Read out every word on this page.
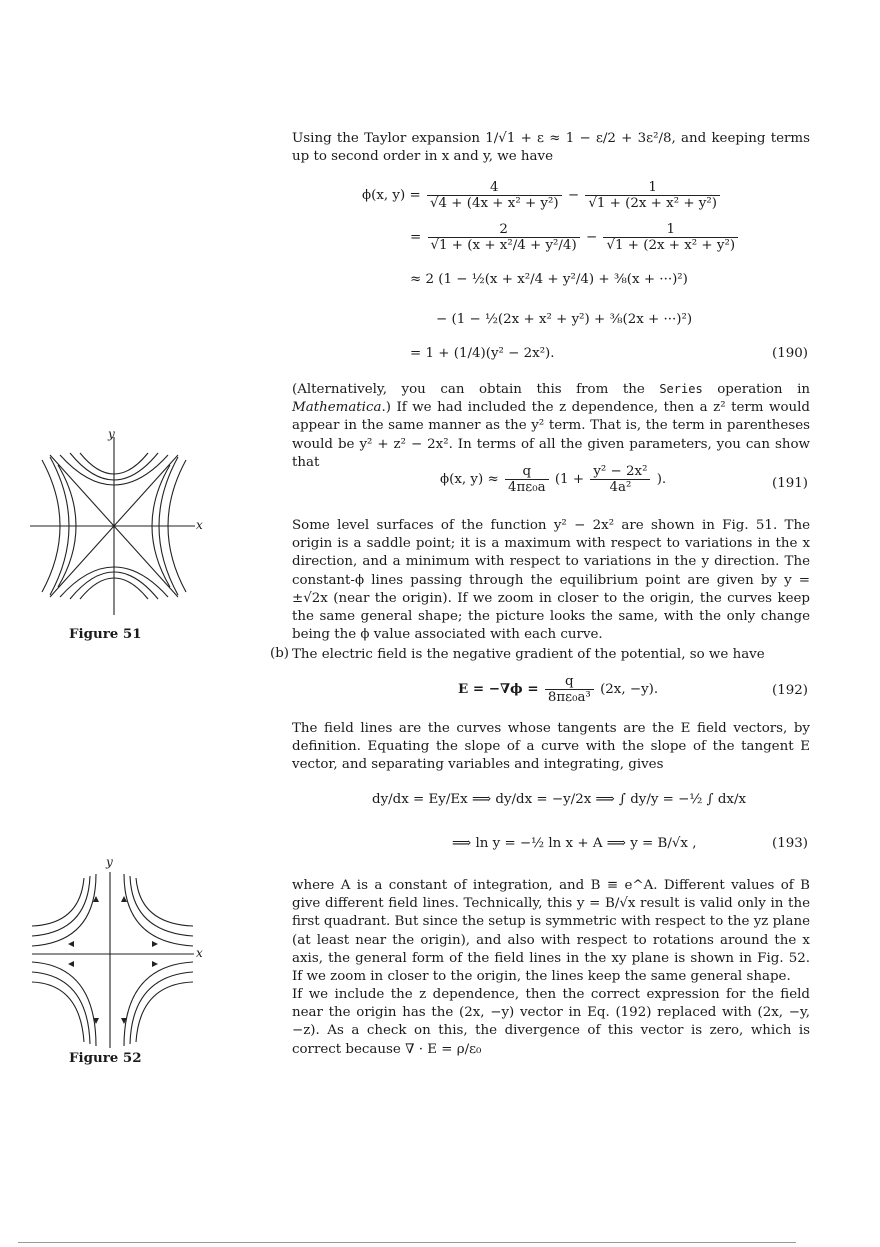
Using the Taylor expansion 1/√1 + ε ≈ 1 − ε/2 + 3ε²/8, and keeping terms up to second order in x and y, we have

ϕ(x, $y) = \frac{4}{\text{√4 + (4x + x² + y²)}} - \frac{1}{\text{√1 + (2x + x² + y²)}}$
= $\frac{2}{\text{√1 + (x + x²/4 + y²/4)}} - \frac{1}{\text{√1 + (2x + x² + y²)}}$
≈ 2 (1 − ½(x + x²/4 + y²/4) + ⅜(x + ···)²)
− (1 − ½(2x + x² + y²) + ⅜(2x + ···)²)
= 1 + (1/4)(y² − 2x²).	(190)

(Alternatively, you can obtain this from the Series operation in Mathematica.) If we had included the z dependence, then a z² term would appear in the same manner as the y² term. That is, the term in parentheses would be y² + z² − 2x². In terms of all the given parameters, you can show that

ϕ(x, $y) \approx \frac{q}{\text{4πε₀a}} (1 + \frac{\text{y² − 2x²}}{\text{4a²}}$ ).	(191)
y
x
Figure 51

Some level surfaces of the function y² − 2x² are shown in Fig. 51. The origin is a saddle point; it is a maximum with respect to variations in the x direction, and a minimum with respect to variations in the y direction. The constant-ϕ lines passing through the equilibrium point are given by y = ±√2x (near the origin). If we zoom in closer to the origin, the curves keep the same general shape; the picture looks the same, with the only change being the ϕ value associated with each curve.

(b) The electric field is the negative gradient of the potential, so we have

$E = -\nabla\phi = \frac{q}{\text{8πε₀a³}} (2x$, −y).	(192)

The field lines are the curves whose tangents are the E field vectors, by definition. Equating the slope of a curve with the slope of the tangent E vector, and separating variables and integrating, gives

dy/dx = Ey/Ex ⟹ dy/dx = −y/2x ⟹ ∫ dy/y = −½ ∫ dx/x
⟹ ln y = −½ ln x + A ⟹ y = B/√x ,	(193)
y
x
Figure 52

where A is a constant of integration, and B ≡ e^A. Different values of B give different field lines. Technically, this y = B/√x result is valid only in the first quadrant. But since the setup is symmetric with respect to the yz plane (at least near the origin), and also with respect to rotations around the x axis, the general form of the field lines in the xy plane is shown in Fig. 52. If we zoom in closer to the origin, the lines keep the same general shape.

If we include the z dependence, then the correct expression for the field near the origin has the (2x, −y) vector in Eq. (192) replaced with (2x, −y, −z). As a check on this, the divergence of this vector is zero, which is correct because ∇ · E = ρ/ε₀
